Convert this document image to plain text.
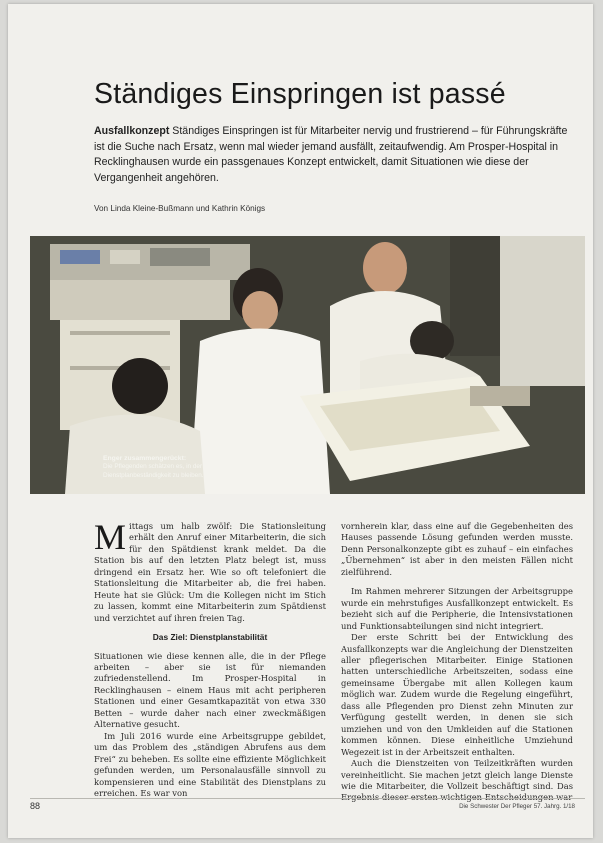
Ständiges Einspringen ist passé
Ausfallkonzept Ständiges Einspringen ist für Mitarbeiter nervig und frustrierend – für Führungskräfte ist die Suche nach Ersatz, wenn mal wieder jemand ausfällt, zeitaufwendig. Am Prosper-Hospital in Recklinghausen wurde ein passgenaues Konzept entwickelt, damit Situationen wie diese der Vergangenheit angehören.
Von Linda Kleine-Bußmann und Kathrin Königs
Enger zusammengerückt:
Die Pflegenden schätzen es, in der Dienstplanbeständigkeit zu bleiben.

Mittags um halb zwölf: Die Stationsleitung erhält den Anruf einer Mitarbeiterin, die sich für den Spätdienst krank meldet. Da die Station bis auf den letzten Platz belegt ist, muss dringend ein Ersatz her. Wie so oft telefoniert die Stationsleitung die Mitarbeiter ab, die frei haben. Heute hat sie Glück: Um die Kollegen nicht im Stich zu lassen, kommt eine Mitarbeiterin zum Spätdienst und verzichtet auf ihren freien Tag.

Das Ziel: Dienstplanstabilität

Situationen wie diese kennen alle, die in der Pflege arbeiten – aber sie ist für niemanden zufriedenstellend. Im Prosper-Hospital in Recklinghausen – einem Haus mit acht peripheren Stationen und einer Gesamtkapazität von etwa 330 Betten – wurde daher nach einer zweckmäßigen Alternative gesucht.

Im Juli 2016 wurde eine Arbeitsgruppe gebildet, um das Problem des „ständigen Abrufens aus dem Frei“ zu beheben. Es sollte eine effiziente Möglichkeit gefunden werden, um Personalausfälle sinnvoll zu kompensieren und eine Stabilität des Dienstplans zu erreichen. Es war von

vornherein klar, dass eine auf die Gegebenheiten des Hauses passende Lösung gefunden werden musste. Denn Personalkonzepte gibt es zuhauf – ein einfaches „Übernehmen“ ist aber in den meisten Fällen nicht zielführend.

Im Rahmen mehrerer Sitzungen der Arbeitsgruppe wurde ein mehrstufiges Ausfallkonzept entwickelt. Es bezieht sich auf die Peripherie, die Intensivstationen und Funktionsabteilungen sind nicht integriert.

Der erste Schritt bei der Entwicklung des Ausfallkonzepts war die Angleichung der Dienstzeiten aller pflegerischen Mitarbeiter. Einige Stationen hatten unterschiedliche Arbeitszeiten, sodass eine gemeinsame Übergabe mit allen Kollegen kaum möglich war. Zudem wurde die Regelung eingeführt, dass alle Pflegenden pro Dienst zehn Minuten zur Verfügung gestellt werden, in denen sie sich umziehen und von den Umkleiden auf die Stationen kommen können. Diese einheitliche Umziehund Wegezeit ist in der Arbeitszeit enthalten.

Auch die Dienstzeiten von Teilzeitkräften wurden vereinheitlicht. Sie machen jetzt gleich lange Dienste wie die Mitarbeiter, die Vollzeit beschäftigt sind. Das Ergebnis dieser ersten wichtigen Entscheidungen war

88	Die Schwester Der Pfleger 57. Jahrg. 1/18
